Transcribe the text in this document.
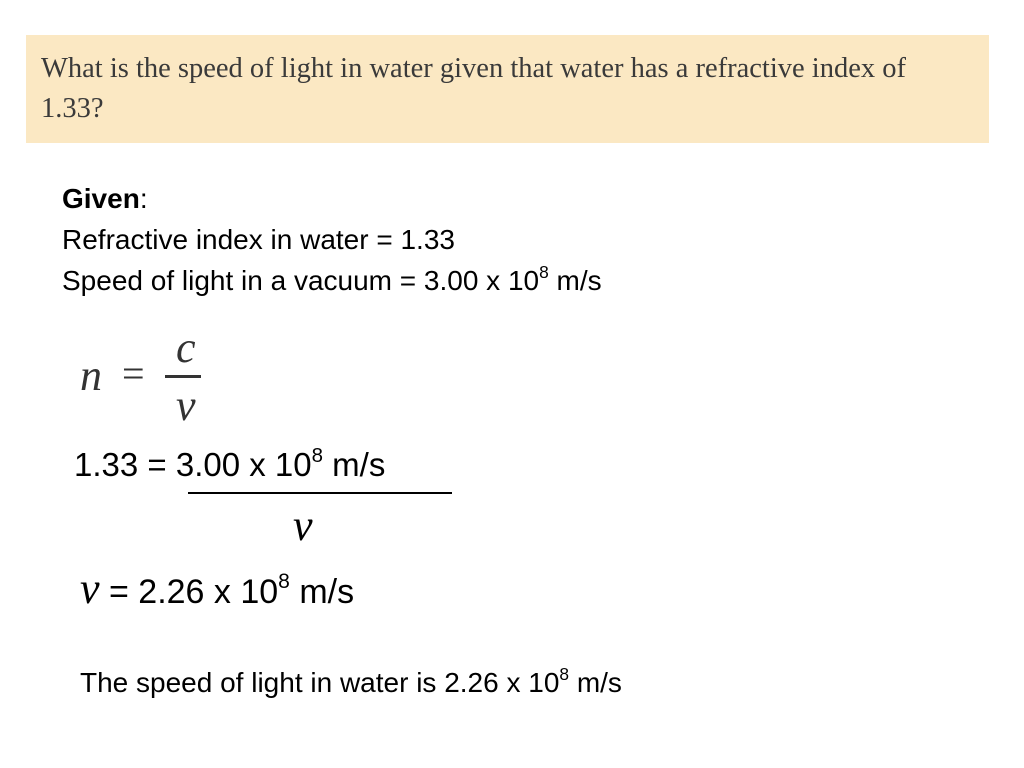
What is the speed of light in water given that water has a refractive index of 1.33?

Given:
Refractive index in water = 1.33
Speed of light in a vacuum = 3.00 x $10^8$ m/s
n =
c
v
1.33 = 3.00 x $10^8$ m/s
v
v = 2.26 x $10^8$ m/s
The speed of light in water is 2.26 x $10^8$ m/s
